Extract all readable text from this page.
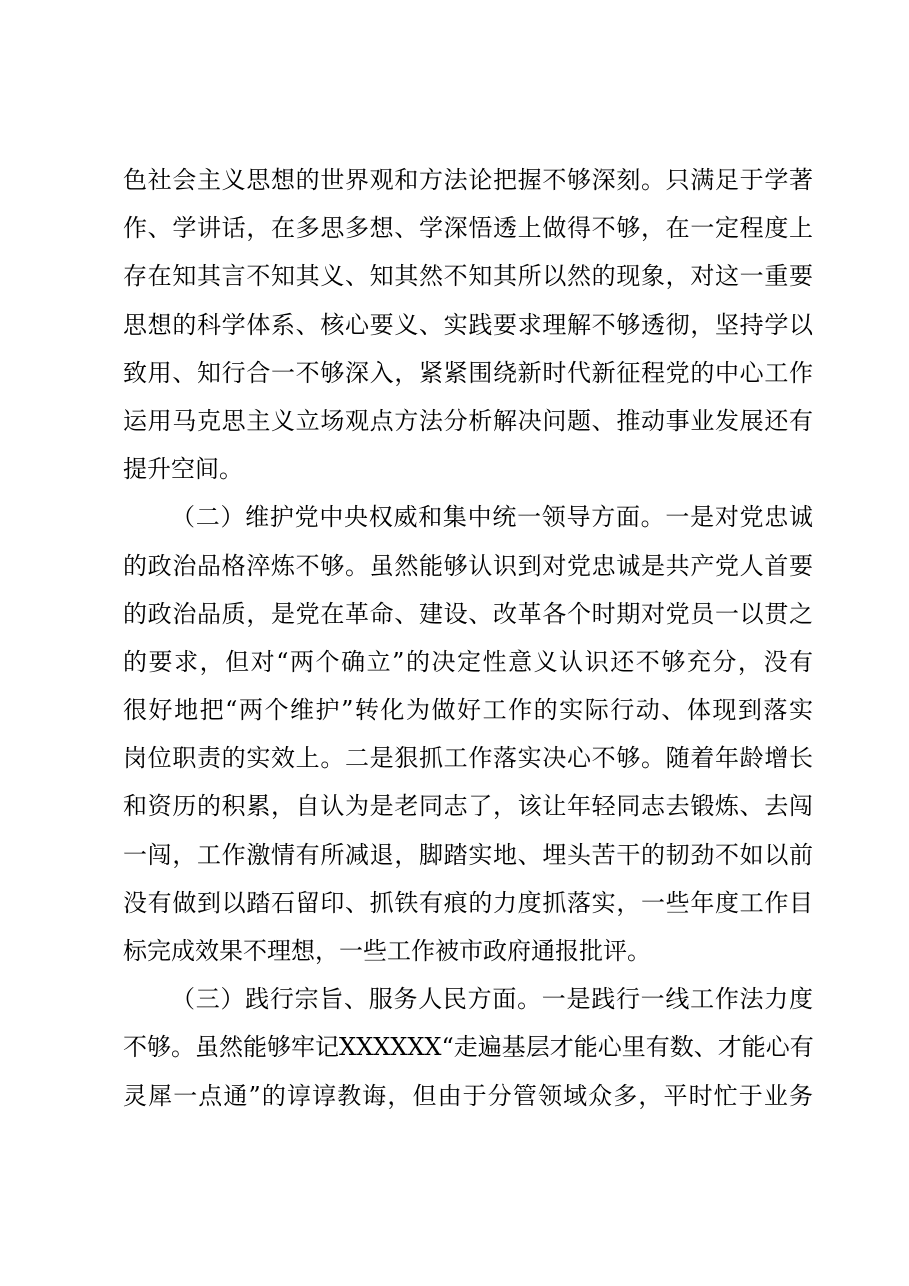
色社会主义思想的世界观和方法论把握不够深刻。只满足于学著
作、学讲话，在多思多想、学深悟透上做得不够，在一定程度上
存在知其言不知其义、知其然不知其所以然的现象，对这一重要
思想的科学体系、核心要义、实践要求理解不够透彻，坚持学以
致用、知行合一不够深入，紧紧围绕新时代新征程党的中心工作
运用马克思主义立场观点方法分析解决问题、推动事业发展还有
提升空间。
（二）维护党中央权威和集中统一领导方面。一是对党忠诚
的政治品格淬炼不够。虽然能够认识到对党忠诚是共产党人首要
的政治品质，是党在革命、建设、改革各个时期对党员一以贯之
的要求，但对“两个确立”的决定性意义认识还不够充分，没有
很好地把“两个维护”转化为做好工作的实际行动、体现到落实
岗位职责的实效上。二是狠抓工作落实决心不够。随着年龄增长
和资历的积累，自认为是老同志了，该让年轻同志去锻炼、去闯
一闯，工作激情有所减退，脚踏实地、埋头苦干的韧劲不如以前
没有做到以踏石留印、抓铁有痕的力度抓落实，一些年度工作目
标完成效果不理想，一些工作被市政府通报批评。
（三）践行宗旨、服务人民方面。一是践行一线工作法力度
不够。虽然能够牢记XXXXXX“走遍基层才能心里有数、才能心有
灵犀一点通”的谆谆教诲，但由于分管领域众多，平时忙于业务
